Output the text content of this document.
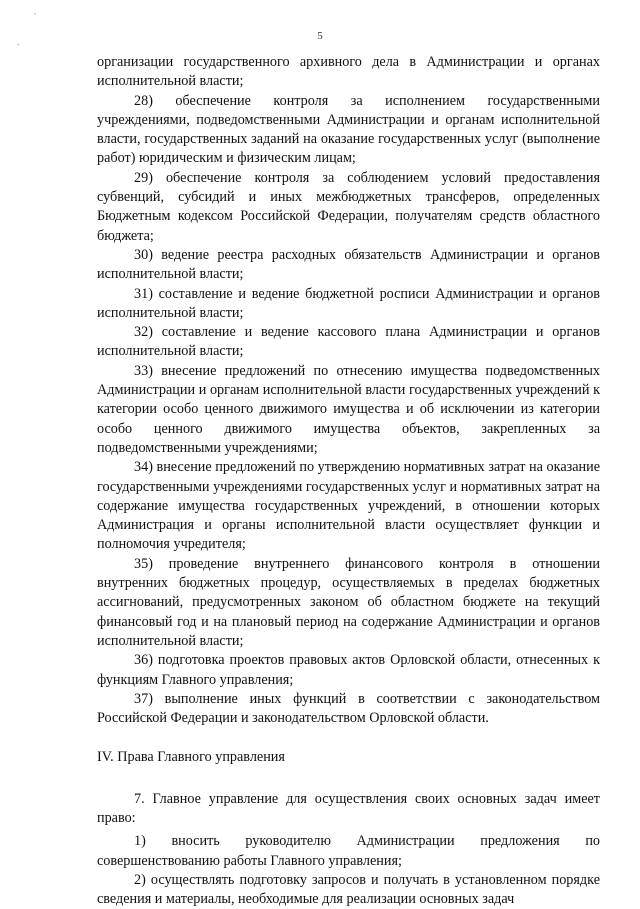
,
-
5
организации государственного архивного дела в Администрации и органах исполнительной власти;
28) обеспечение контроля за исполнением государственными учреждениями, подведомственными Администрации и органам исполнительной власти, государственных заданий на оказание государственных услуг (выполнение работ) юридическим и физическим лицам;
29) обеспечение контроля за соблюдением условий предоставления субвенций, субсидий и иных межбюджетных трансферов, определенных Бюджетным кодексом Российской Федерации, получателям средств областного бюджета;
30) ведение реестра расходных обязательств Администрации и органов исполнительной власти;
31) составление и ведение бюджетной росписи Администрации и органов исполнительной власти;
32) составление и ведение кассового плана Администрации и органов исполнительной власти;
33) внесение предложений по отнесению имущества подведомственных Администрации и органам исполнительной власти государственных учреждений к категории особо ценного движимого имущества и об исключении из категории особо ценного движимого имущества объектов, закрепленных за подведомственными учреждениями;
34) внесение предложений по утверждению нормативных затрат на оказание государственными учреждениями государственных услуг и нормативных затрат на содержание имущества государственных учреждений, в отношении которых Администрация и органы исполнительной власти осуществляет функции и полномочия учредителя;
35) проведение внутреннего финансового контроля в отношении внутренних бюджетных процедур, осуществляемых в пределах бюджетных ассигнований, предусмотренных законом об областном бюджете на текущий финансовый год и на плановый период на содержание Администрации и органов исполнительной власти;
36) подготовка проектов правовых актов Орловской области, отнесенных к функциям Главного управления;
37) выполнение иных функций в соответствии с законодательством Российской Федерации и законодательством Орловской области.
IV. Права Главного управления
7. Главное управление для осуществления своих основных задач имеет право:
1) вносить руководителю Администрации предложения по совершенствованию работы Главного управления;
2) осуществлять подготовку запросов и получать в установленном порядке сведения и материалы, необходимые для реализации основных задач
